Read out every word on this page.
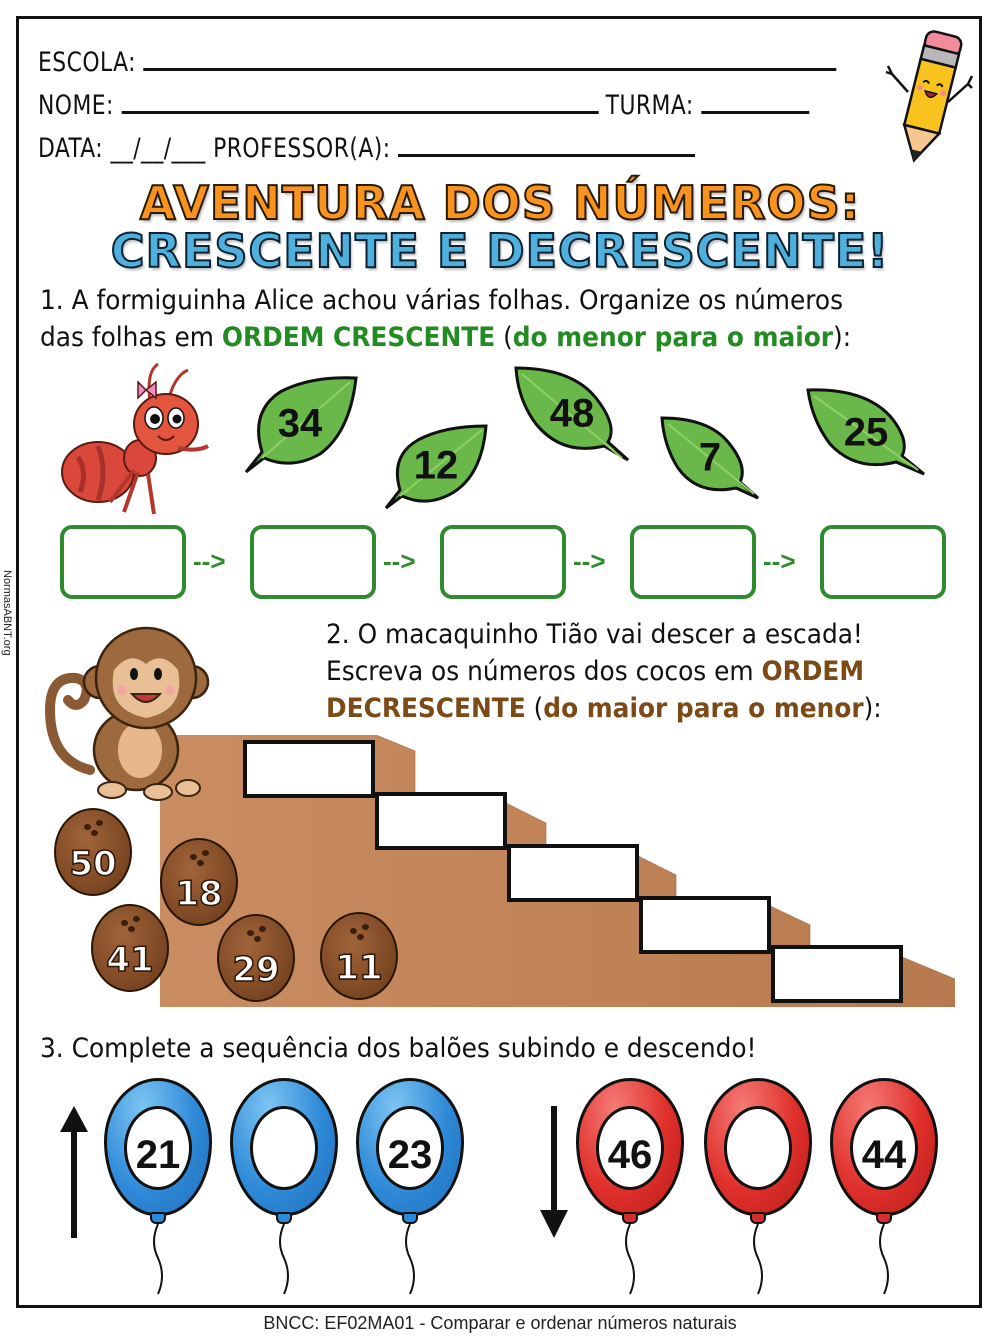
NormasABNT.org
ESCOLA:
NOME:	TURMA:
DATA: __/__/___ PROFESSOR(A):
AVENTURA DOS NÚMEROS:
CRESCENTE E DECRESCENTE!
1. A formiguinha Alice achou várias folhas. Organize os números
das folhas em ORDEM CRESCENTE (do menor para o maior):
34
12
48
7
25
-->	-->	-->	-->
2. O macaquinho Tião vai descer a escada!
Escreva os números dos cocos em ORDEM
DECRESCENTE (do maior para o menor):
50
18
41	29	11
3. Complete a sequência dos balões subindo e descendo!
21	23	46	44
BNCC: EF02MA01 - Comparar e ordenar números naturais
